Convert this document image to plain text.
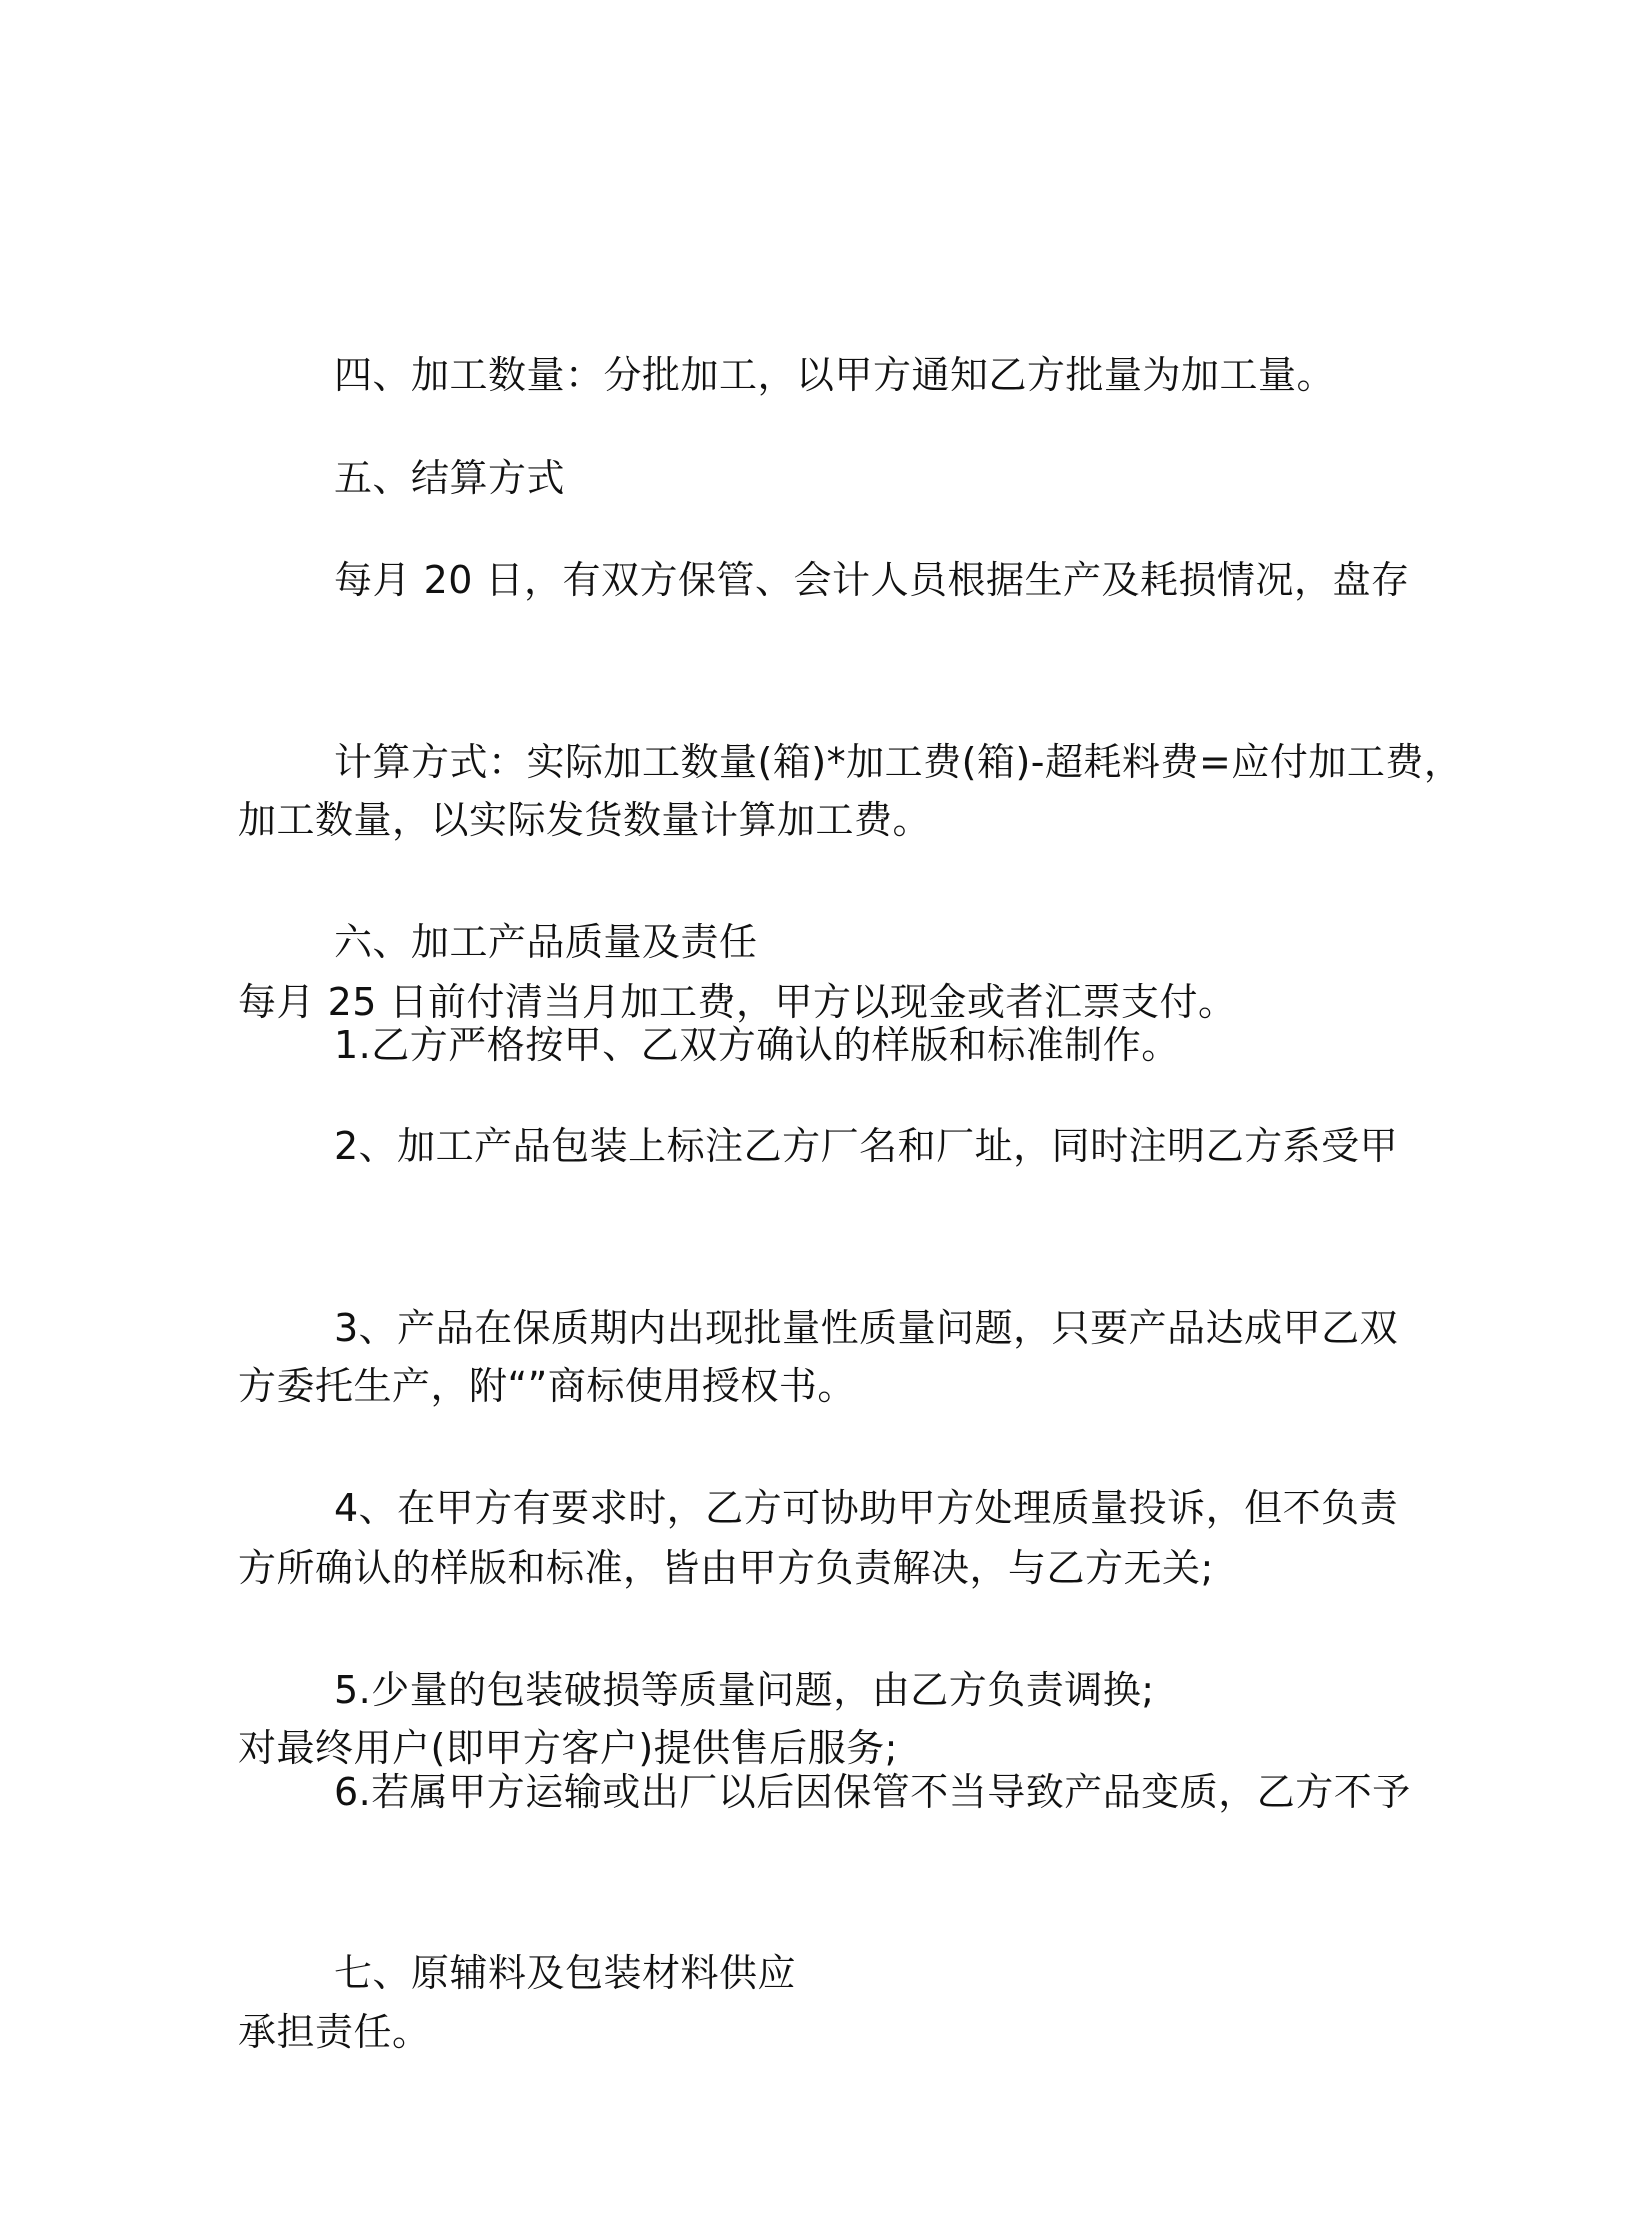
四、加工数量：分批加工，以甲方通知乙方批量为加工量。

五、结算方式

每月 20 日，有双方保管、会计人员根据生产及耗损情况，盘存

加工数量，以实际发货数量计算加工费。

计算方式：实际加工数量(箱)*加工费(箱)-超耗料费=应付加工费，

每月 25 日前付清当月加工费，甲方以现金或者汇票支付。

六、加工产品质量及责任

1.乙方严格按甲、乙双方确认的样版和标准制作。

2、加工产品包装上标注乙方厂名和厂址，同时注明乙方系受甲

方委托生产，附“”商标使用授权书。

3、产品在保质期内出现批量性质量问题，只要产品达成甲乙双

方所确认的样版和标准，皆由甲方负责解决，与乙方无关;

4、在甲方有要求时，乙方可协助甲方处理质量投诉，但不负责

对最终用户(即甲方客户)提供售后服务;

5.少量的包装破损等质量问题，由乙方负责调换;

6.若属甲方运输或出厂以后因保管不当导致产品变质，乙方不予

承担责任。

七、原辅料及包装材料供应
